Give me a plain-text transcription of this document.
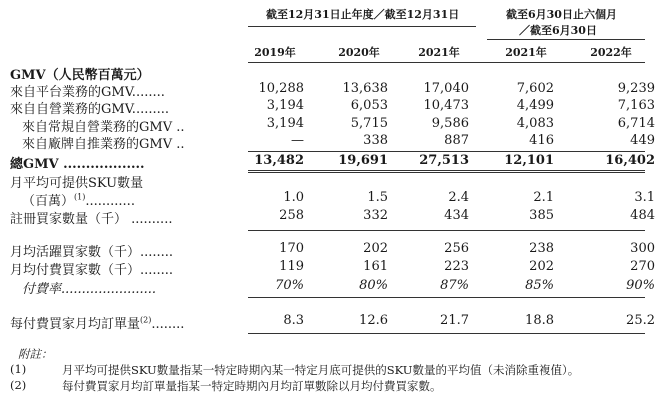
截至12月31日止年度／截至12月31日	截至6月30日止六個月
／截至6月30日
2019年	2020年	2021年	2021年	2022年
GMV（人民幣百萬元）
來自平台業務的GMV........	10,288	13,638	17,040	7,602	9,239
來自自營業務的GMV.........	3,194	6,053	10,473	4,499	7,163
來自常規自營業務的GMV ..	3,194	5,715	9,586	4,083	6,714
來自廠牌自推業務的GMV ..	—	338	887	416	449
總GMV ..................	13,482	19,691	27,513	12,101	16,402
月平均可提供SKU數量
（百萬）$^{(1)}$............	1.0	1.5	2.4	2.1	3.1
註冊買家數量（千） ..........	258	332	434	385	484
月均活躍買家數（千）........	170	202	256	238	300
月均付費買家數（千）........	119	161	223	202	270
付費率.......................	70%	80%	87%	85%	90%
每付費買家月均訂單量$^{(2)}$........	8.3	12.6	21.7	18.8	25.2
附註：
(1)	月平均可提供SKU數量指某一特定時期內某一特定月底可提供的SKU數量的平均值（未消除重複值）。
(2)	每付費買家月均訂單量指某一特定時期內月均訂單數除以月均付費買家數。
